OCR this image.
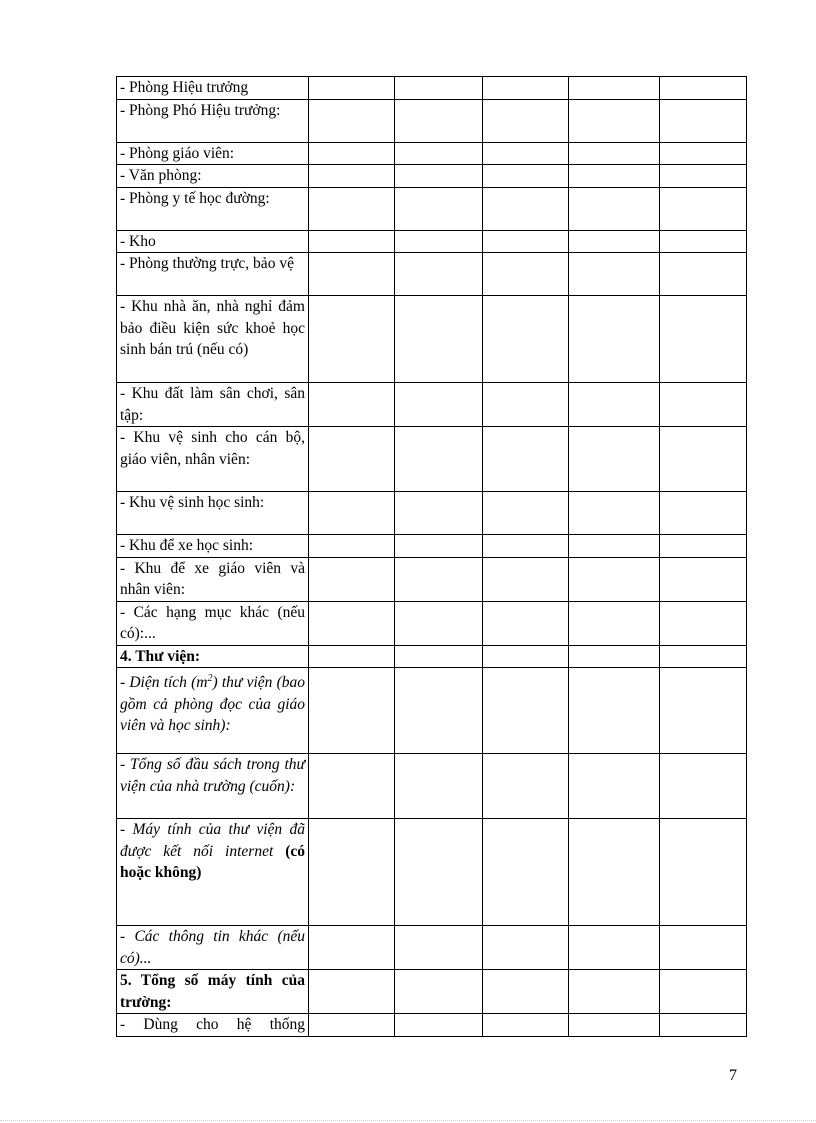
- Phòng Hiệu trưởng					
- Phòng Phó Hiệu trưởng:					
- Phòng giáo viên:					
- Văn phòng:					
- Phòng y tế học đường:					
- Kho					
- Phòng thường trực, bảo vệ					
- Khu nhà ăn, nhà nghỉ đảm bảo điều kiện sức khoẻ học sinh bán trú (nếu có)					
- Khu đất làm sân chơi, sân tập:					
- Khu vệ sinh cho cán bộ, giáo viên, nhân viên:					
- Khu vệ sinh học sinh:					
- Khu để xe học sinh:					
- Khu để xe giáo viên và nhân viên:					
- Các hạng mục khác (nếu có):...					
4. Thư viện:					
- Diện tích $(m^2)$ thư viện (bao gồm cả phòng đọc của giáo viên và học sinh):					
- Tổng số đầu sách trong thư viện của nhà trường (cuốn):					
- Máy tính của thư viện đã được kết nối internet (có hoặc không)					
- Các thông tin khác (nếu có)...					
5. Tổng số máy tính của trường:					
- Dùng cho hệ thống					
7
